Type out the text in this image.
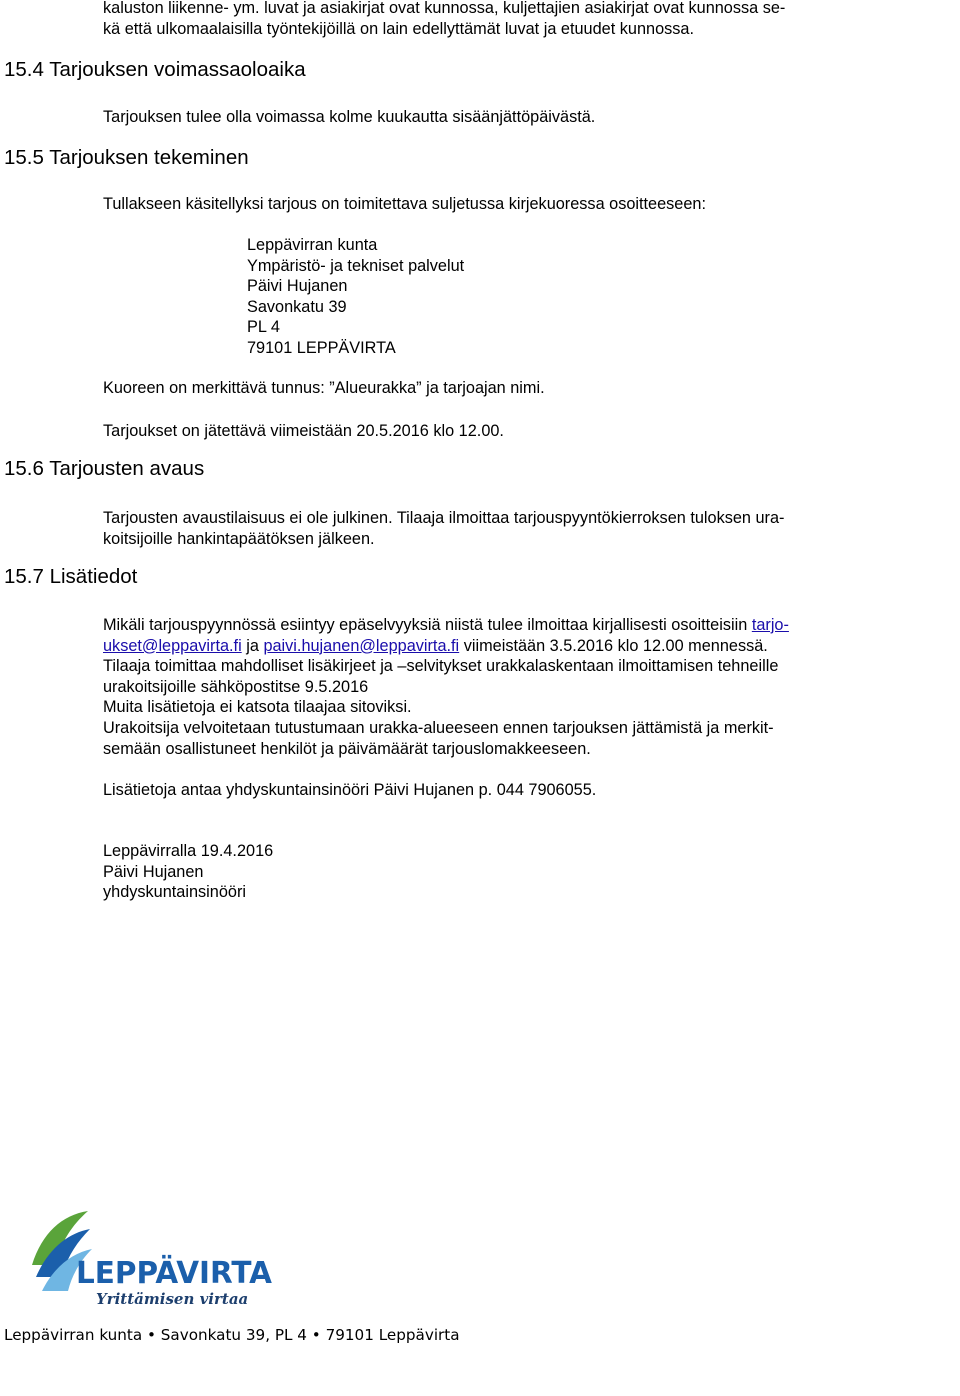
kaluston liikenne- ym. luvat ja asiakirjat ovat kunnossa, kuljettajien asiakirjat ovat kunnossa se-
kä että ulkomaalaisilla työntekijöillä on lain edellyttämät luvat ja etuudet kunnossa.
15.4 Tarjouksen voimassaoloaika

Tarjouksen tulee olla voimassa kolme kuukautta sisäänjättöpäivästä.

15.5 Tarjouksen tekeminen

Tullakseen käsitellyksi tarjous on toimitettava suljetussa kirjekuoressa osoitteeseen:

Leppävirran kunta
Ympäristö- ja tekniset palvelut
Päivi Hujanen
Savonkatu 39
PL 4
79101 LEPPÄVIRTA

Kuoreen on merkittävä tunnus: ”Alueurakka” ja tarjoajan nimi.

Tarjoukset on jätettävä viimeistään 20.5.2016 klo 12.00.

15.6 Tarjousten avaus
Tarjousten avaustilaisuus ei ole julkinen. Tilaaja ilmoittaa tarjouspyyntökierroksen tuloksen ura-
koitsijoille hankintapäätöksen jälkeen.
15.7 Lisätiedot
Mikäli tarjouspyynnössä esiintyy epäselvyyksiä niistä tulee ilmoittaa kirjallisesti osoitteisiin tarjo-
ukset@leppavirta.fi ja paivi.hujanen@leppavirta.fi viimeistään 3.5.2016 klo 12.00 mennessä.
Tilaaja toimittaa mahdolliset lisäkirjeet ja –selvitykset urakkalaskentaan ilmoittamisen tehneille
urakoitsijoille sähköpostitse 9.5.2016
Muita lisätietoja ei katsota tilaajaa sitoviksi.
Urakoitsija velvoitetaan tutustumaan urakka-alueeseen ennen tarjouksen jättämistä ja merkit-
semään osallistuneet henkilöt ja päivämäärät tarjouslomakkeeseen.

Lisätietoja antaa yhdyskuntainsinööri Päivi Hujanen p. 044 7906055.

Leppävirralla 19.4.2016
Päivi Hujanen
yhdyskuntainsinööri
LEPPÄVIRTA
Yrittämisen virtaa
Leppävirran kunta • Savonkatu 39, PL 4 • 79101 Leppävirta
